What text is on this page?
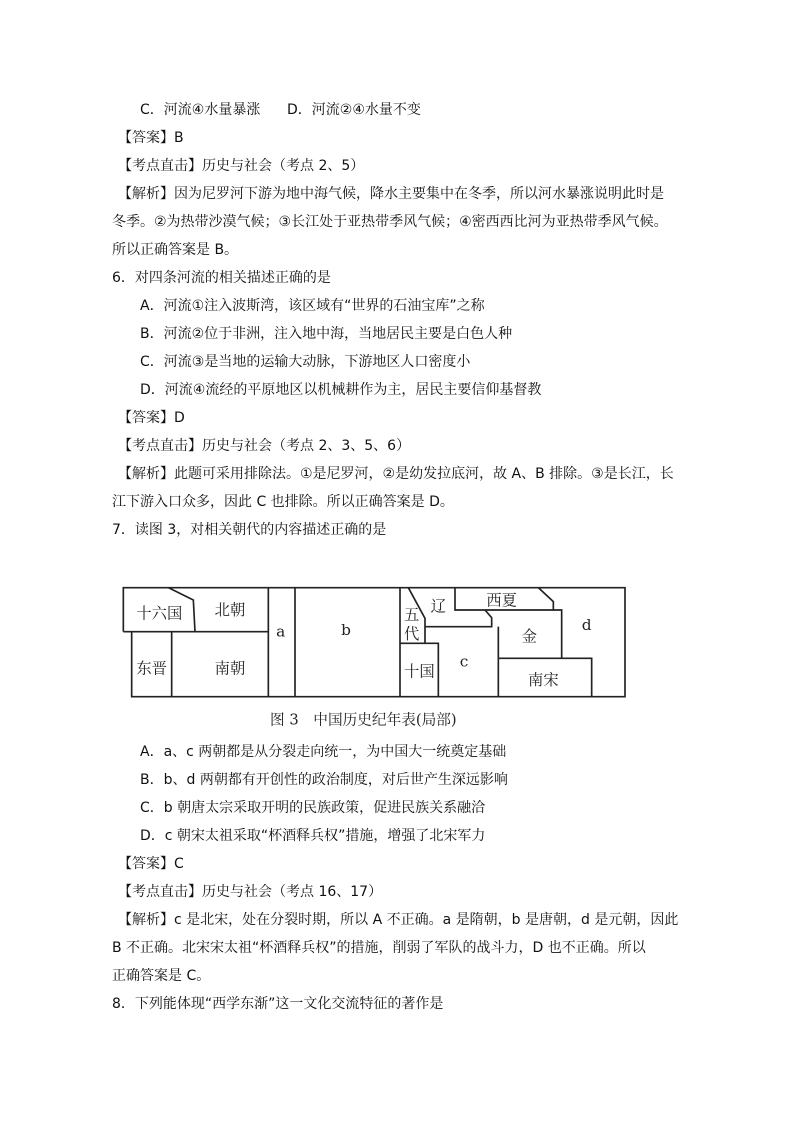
C．河流④水量暴涨 D．河流②④水量不变
【答案】B
【考点直击】历史与社会（考点 2、5）
【解析】因为尼罗河下游为地中海气候，降水主要集中在冬季，所以河水暴涨说明此时是
冬季。②为热带沙漠气候；③长江处于亚热带季风气候；④密西西比河为亚热带季风气候。
所以正确答案是 B。
6．对四条河流的相关描述正确的是
A．河流①注入波斯湾，该区域有“世界的石油宝库”之称
B．河流②位于非洲，注入地中海，当地居民主要是白色人种
C．河流③是当地的运输大动脉，下游地区人口密度小
D．河流④流经的平原地区以机械耕作为主，居民主要信仰基督教
【答案】D
【考点直击】历史与社会（考点 2、3、5、6）
【解析】此题可采用排除法。①是尼罗河，②是幼发拉底河，故 A、B 排除。③是长江，长
江下游入口众多，因此 C 也排除。所以正确答案是 D。
7．读图 3，对相关朝代的内容描述正确的是
十六国 北朝
东晋 南朝
a b
五
代
辽 西夏
金
d
十国
c
南宋
图 3　中国历史纪年表(局部)
A．a、c 两朝都是从分裂走向统一，为中国大一统奠定基础
B．b、d 两朝都有开创性的政治制度，对后世产生深远影响
C．b 朝唐太宗采取开明的民族政策，促进民族关系融洽
D．c 朝宋太祖采取“杯酒释兵权”措施，增强了北宋军力
【答案】C
【考点直击】历史与社会（考点 16、17）
【解析】c 是北宋，处在分裂时期，所以 A 不正确。a 是隋朝，b 是唐朝，d 是元朝，因此
B 不正确。北宋宋太祖“杯酒释兵权”的措施，削弱了军队的战斗力，D 也不正确。所以
正确答案是 C。
8．下列能体现“西学东渐”这一文化交流特征的著作是
